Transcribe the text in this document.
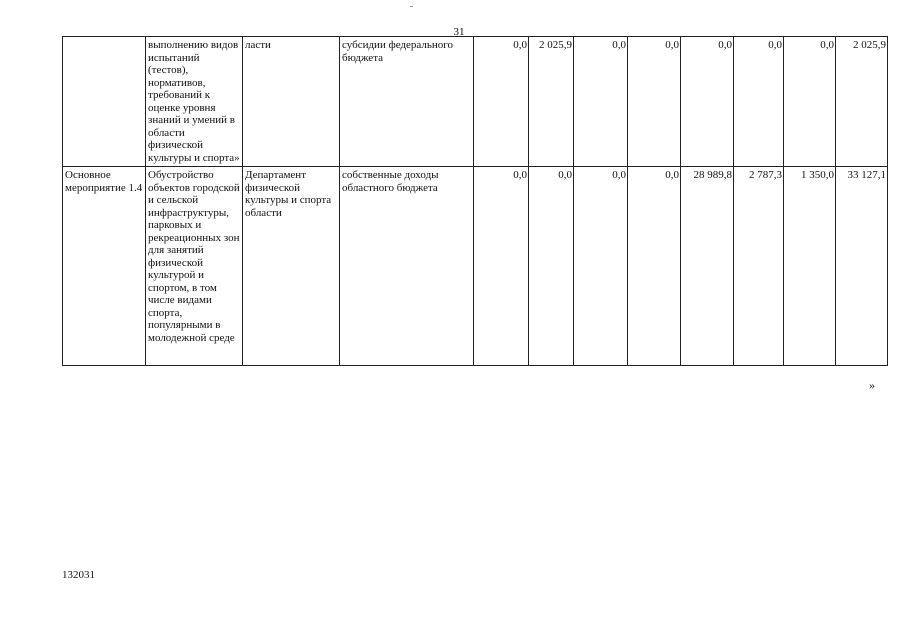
31
	выполнению видов испытаний (тестов), нормативов, требований к оценке уровня знаний и умений в области физической культуры и спорта»	ласти	субсидии федерального бюджета	0,0	2 025,9	0,0	0,0	0,0	0,0	0,0	2 025,9
Основное мероприятие 1.4	Обустройство объектов городской и сельской инфраструктуры, парковых и рекреационных зон для занятий физической культурой и спортом, в том числе видами спорта, популярными в молодежной среде	Департамент физической культуры и спорта области	собственные доходы областного бюджета	0,0	0,0	0,0	0,0	28 989,8	2 787,3	1 350,0	33 127,1
»
132031
